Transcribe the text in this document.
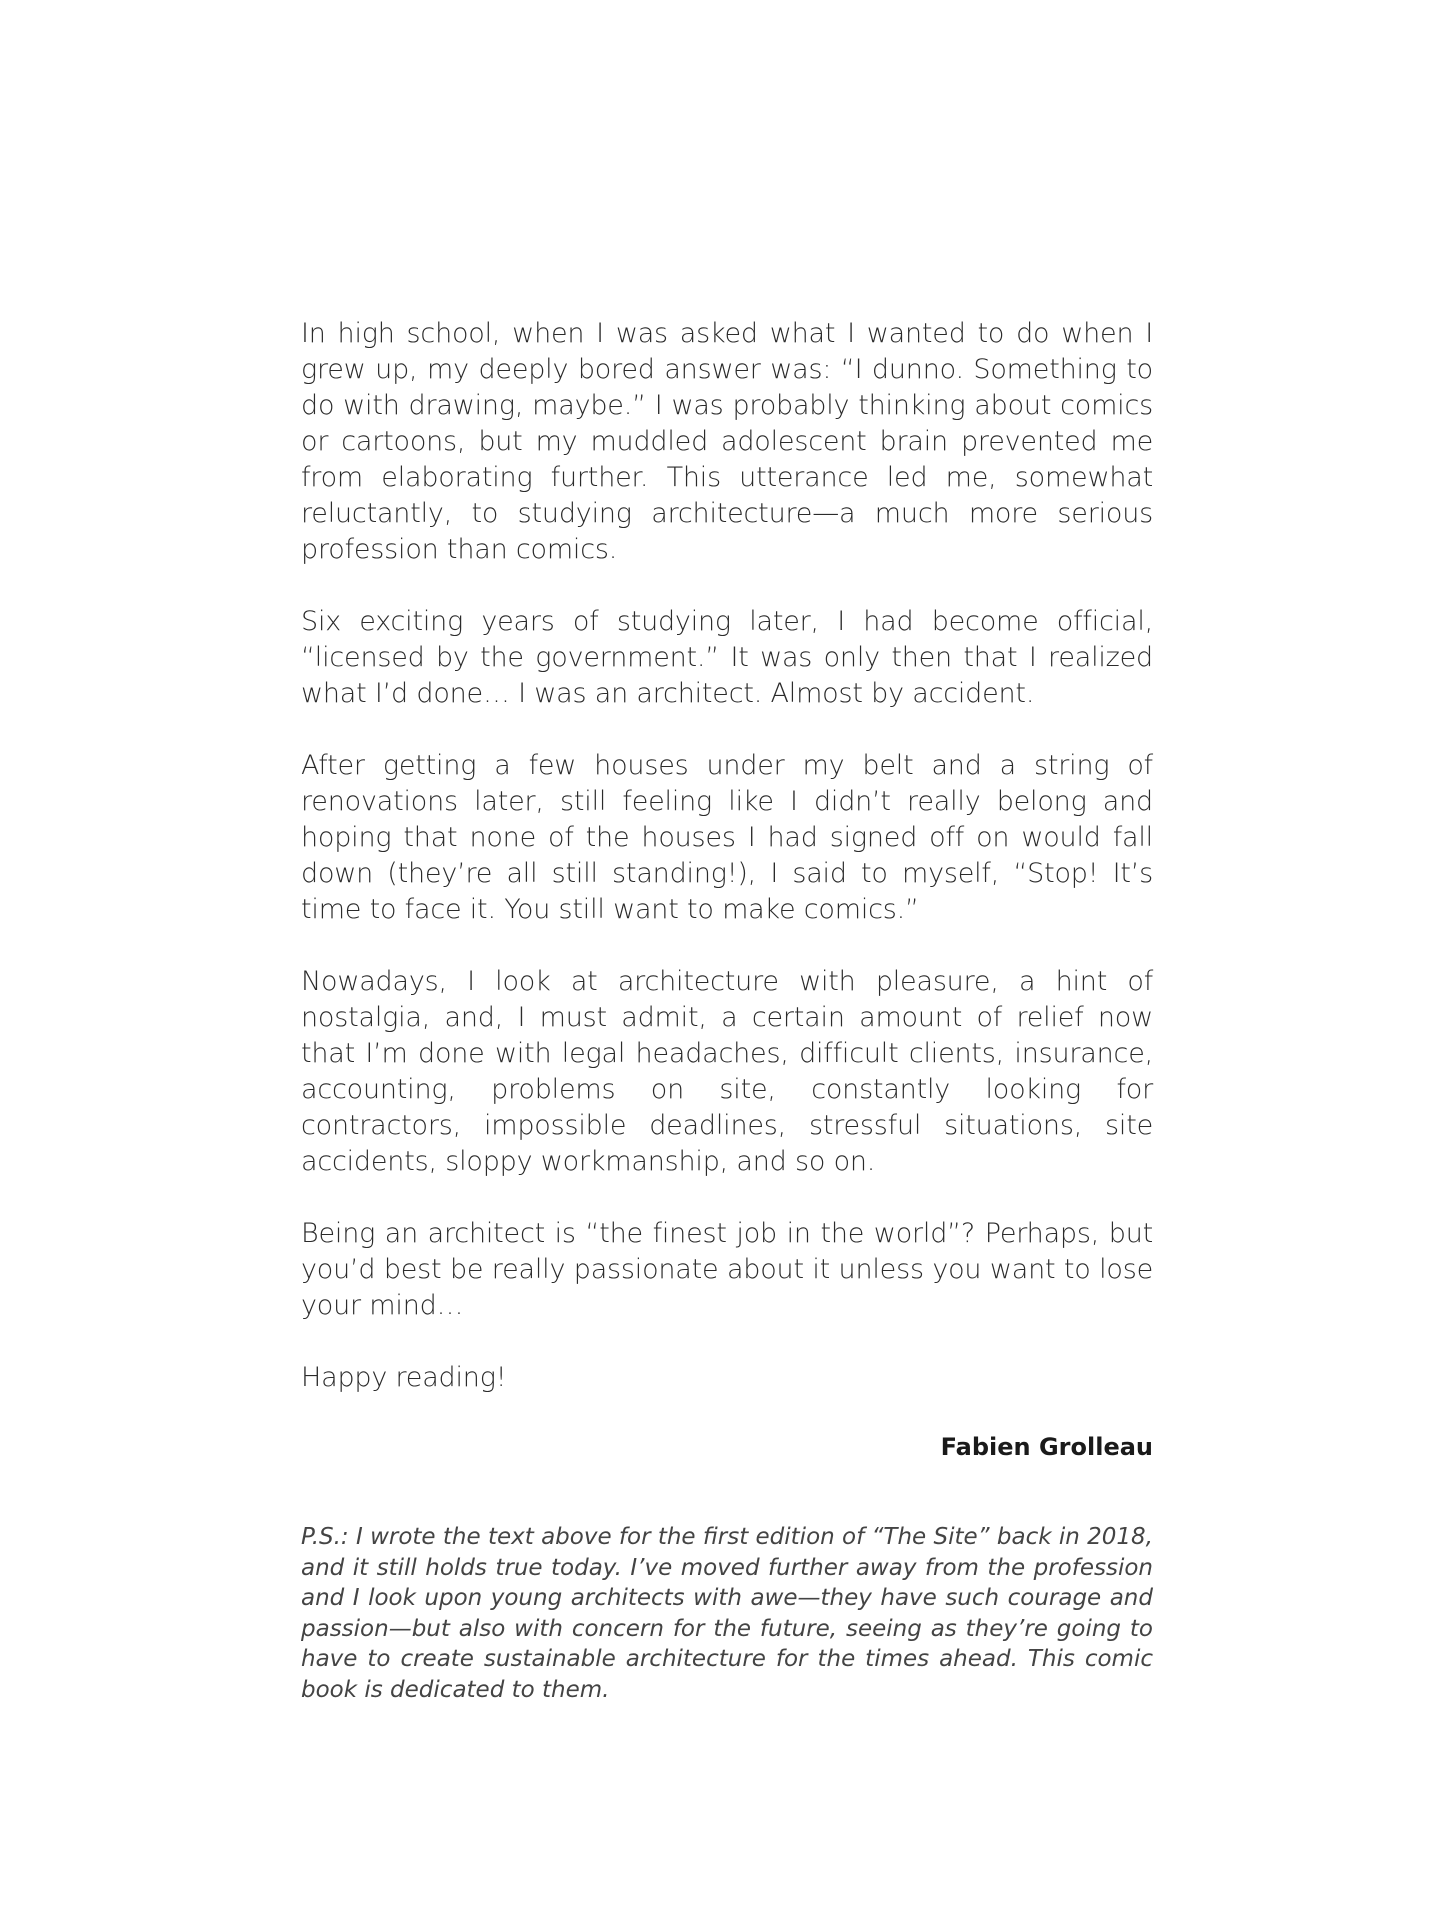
In high school, when I was asked what I wanted to do when I grew up, my deeply bored answer was: “I dunno. Something to do with drawing, maybe.” I was probably thinking about comics or cartoons, but my muddled adolescent brain prevented me from elaborating further. This utterance led me, somewhat reluctantly, to studying architecture—a much more serious profession than comics.

Six exciting years of studying later, I had become official, “licensed by the government.” It was only then that I realized what I’d done… I was an architect. Almost by accident.

After getting a few houses under my belt and a string of renovations later, still feeling like I didn’t really belong and hoping that none of the houses I had signed off on would fall down (they’re all still standing!), I said to myself, “Stop! It’s time to face it. You still want to make comics.”

Nowadays, I look at architecture with pleasure, a hint of nostalgia, and, I must admit, a certain amount of relief now that I’m done with legal headaches, difficult clients, insurance, accounting, problems on site, constantly looking for contractors, impossible deadlines, stressful situations, site accidents, sloppy workmanship, and so on.

Being an architect is “the finest job in the world”? Perhaps, but you’d best be really passionate about it unless you want to lose your mind…

Happy reading!

Fabien Grolleau

P.S.: I wrote the text above for the first edition of “The Site” back in 2018, and it still holds true today. I’ve moved further away from the profession and I look upon young architects with awe—they have such courage and passion—but also with concern for the future, seeing as they’re going to have to create sustainable architecture for the times ahead. This comic book is dedicated to them.
